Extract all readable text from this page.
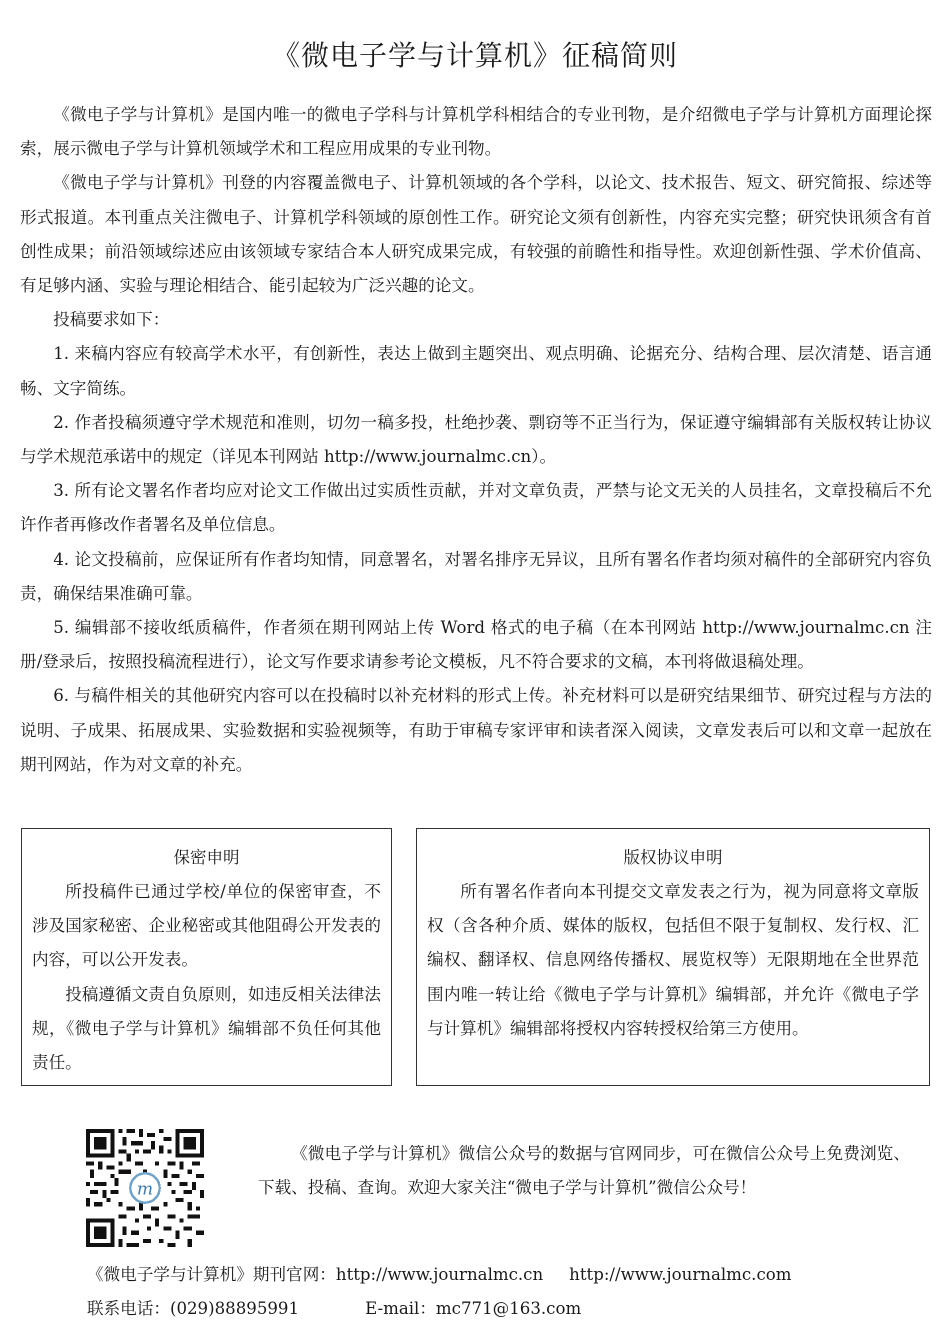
《微电子学与计算机》征稿简则

《微电子学与计算机》是国内唯一的微电子学科与计算机学科相结合的专业刊物，是介绍微电子学与计算机方面理论探索，展示微电子学与计算机领域学术和工程应用成果的专业刊物。

《微电子学与计算机》刊登的内容覆盖微电子、计算机领域的各个学科，以论文、技术报告、短文、研究简报、综述等形式报道。本刊重点关注微电子、计算机学科领域的原创性工作。研究论文须有创新性，内容充实完整；研究快讯须含有首创性成果；前沿领域综述应由该领域专家结合本人研究成果完成，有较强的前瞻性和指导性。欢迎创新性强、学术价值高、有足够内涵、实验与理论相结合、能引起较为广泛兴趣的论文。

投稿要求如下：

1. 来稿内容应有较高学术水平，有创新性，表达上做到主题突出、观点明确、论据充分、结构合理、层次清楚、语言通畅、文字简练。

2. 作者投稿须遵守学术规范和准则，切勿一稿多投，杜绝抄袭、剽窃等不正当行为，保证遵守编辑部有关版权转让协议与学术规范承诺中的规定（详见本刊网站 http://www.journalmc.cn）。

3. 所有论文署名作者均应对论文工作做出过实质性贡献，并对文章负责，严禁与论文无关的人员挂名，文章投稿后不允许作者再修改作者署名及单位信息。

4. 论文投稿前，应保证所有作者均知情，同意署名，对署名排序无异议，且所有署名作者均须对稿件的全部研究内容负责，确保结果准确可靠。

5. 编辑部不接收纸质稿件，作者须在期刊网站上传 Word 格式的电子稿（在本刊网站 http://www.journalmc.cn 注册/登录后，按照投稿流程进行），论文写作要求请参考论文模板，凡不符合要求的文稿，本刊将做退稿处理。

6. 与稿件相关的其他研究内容可以在投稿时以补充材料的形式上传。补充材料可以是研究结果细节、研究过程与方法的说明、子成果、拓展成果、实验数据和实验视频等，有助于审稿专家评审和读者深入阅读，文章发表后可以和文章一起放在期刊网站，作为对文章的补充。

保密申明

所投稿件已通过学校/单位的保密审查，不涉及国家秘密、企业秘密或其他阻碍公开发表的内容，可以公开发表。

投稿遵循文责自负原则，如违反相关法律法规，《微电子学与计算机》编辑部不负任何其他责任。

版权协议申明

所有署名作者向本刊提交文章发表之行为，视为同意将文章版权（含各种介质、媒体的版权，包括但不限于复制权、发行权、汇编权、翻译权、信息网络传播权、展览权等）无限期地在全世界范围内唯一转让给《微电子学与计算机》编辑部，并允许《微电子学与计算机》编辑部将授权内容转授权给第三方使用。

m

《微电子学与计算机》微信公众号的数据与官网同步，可在微信公众号上免费浏览、下载、投稿、查询。欢迎大家关注“微电子学与计算机”微信公众号！

《微电子学与计算机》期刊官网：http://www.journalmc.cn http://www.journalmc.com
联系电话：(029)88895991	E-mail：mc771@163.com
